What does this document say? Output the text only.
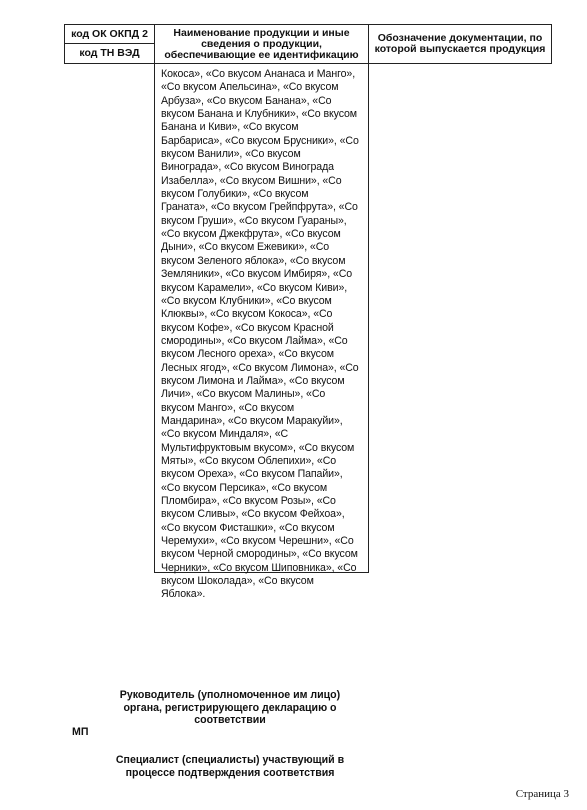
код ОК ОКПД 2
код ТН ВЭД
Наименование продукции и иные сведения о продукции, обеспечивающие ее идентификацию
Обозначение документации, по которой выпускается продукция
Кокоса», «Со вкусом Ананаса и Манго»,
«Со вкусом Апельсина», «Со вкусом
Арбуза», «Со вкусом Банана», «Со
вкусом Банана и Клубники», «Со вкусом
Банана и Киви», «Со вкусом
Барбариса», «Со вкусом Брусники», «Со
вкусом Ванили», «Со вкусом
Винограда», «Со вкусом Винограда
Изабелла», «Со вкусом Вишни», «Со
вкусом Голубики», «Со вкусом
Граната», «Со вкусом Грейпфрута», «Со
вкусом Груши», «Со вкусом Гуараны»,
«Со вкусом Джекфрута», «Со вкусом
Дыни», «Со вкусом Ежевики», «Со
вкусом Зеленого яблока», «Со вкусом
Земляники», «Со вкусом Имбиря», «Со
вкусом Карамели», «Со вкусом Киви»,
«Со вкусом Клубники», «Со вкусом
Клюквы», «Со вкусом Кокоса», «Со
вкусом Кофе», «Со вкусом Красной
смородины», «Со вкусом Лайма», «Со
вкусом Лесного ореха», «Со вкусом
Лесных ягод», «Со вкусом Лимона», «Со
вкусом Лимона и Лайма», «Со вкусом
Личи», «Со вкусом Малины», «Со
вкусом Манго», «Со вкусом
Мандарина», «Со вкусом Маракуйи»,
«Со вкусом Миндаля», «С
Мультифруктовым вкусом», «Со вкусом
Мяты», «Со вкусом Облепихи», «Со
вкусом Ореха», «Со вкусом Папайи»,
«Со вкусом Персика», «Со вкусом
Пломбира», «Со вкусом Розы», «Со
вкусом Сливы», «Со вкусом Фейхоа»,
«Со вкусом Фисташки», «Со вкусом
Черемухи», «Со вкусом Черешни», «Со
вкусом Черной смородины», «Со вкусом
Черники», «Со вкусом Шиповника», «Со
вкусом Шоколада», «Со вкусом
Яблока».
Руководитель (уполномоченное им лицо)
органа, регистрирующего декларацию о
соответствии
МП
Специалист (специалисты) участвующий в
процессе подтверждения соответствия
Страница 3
